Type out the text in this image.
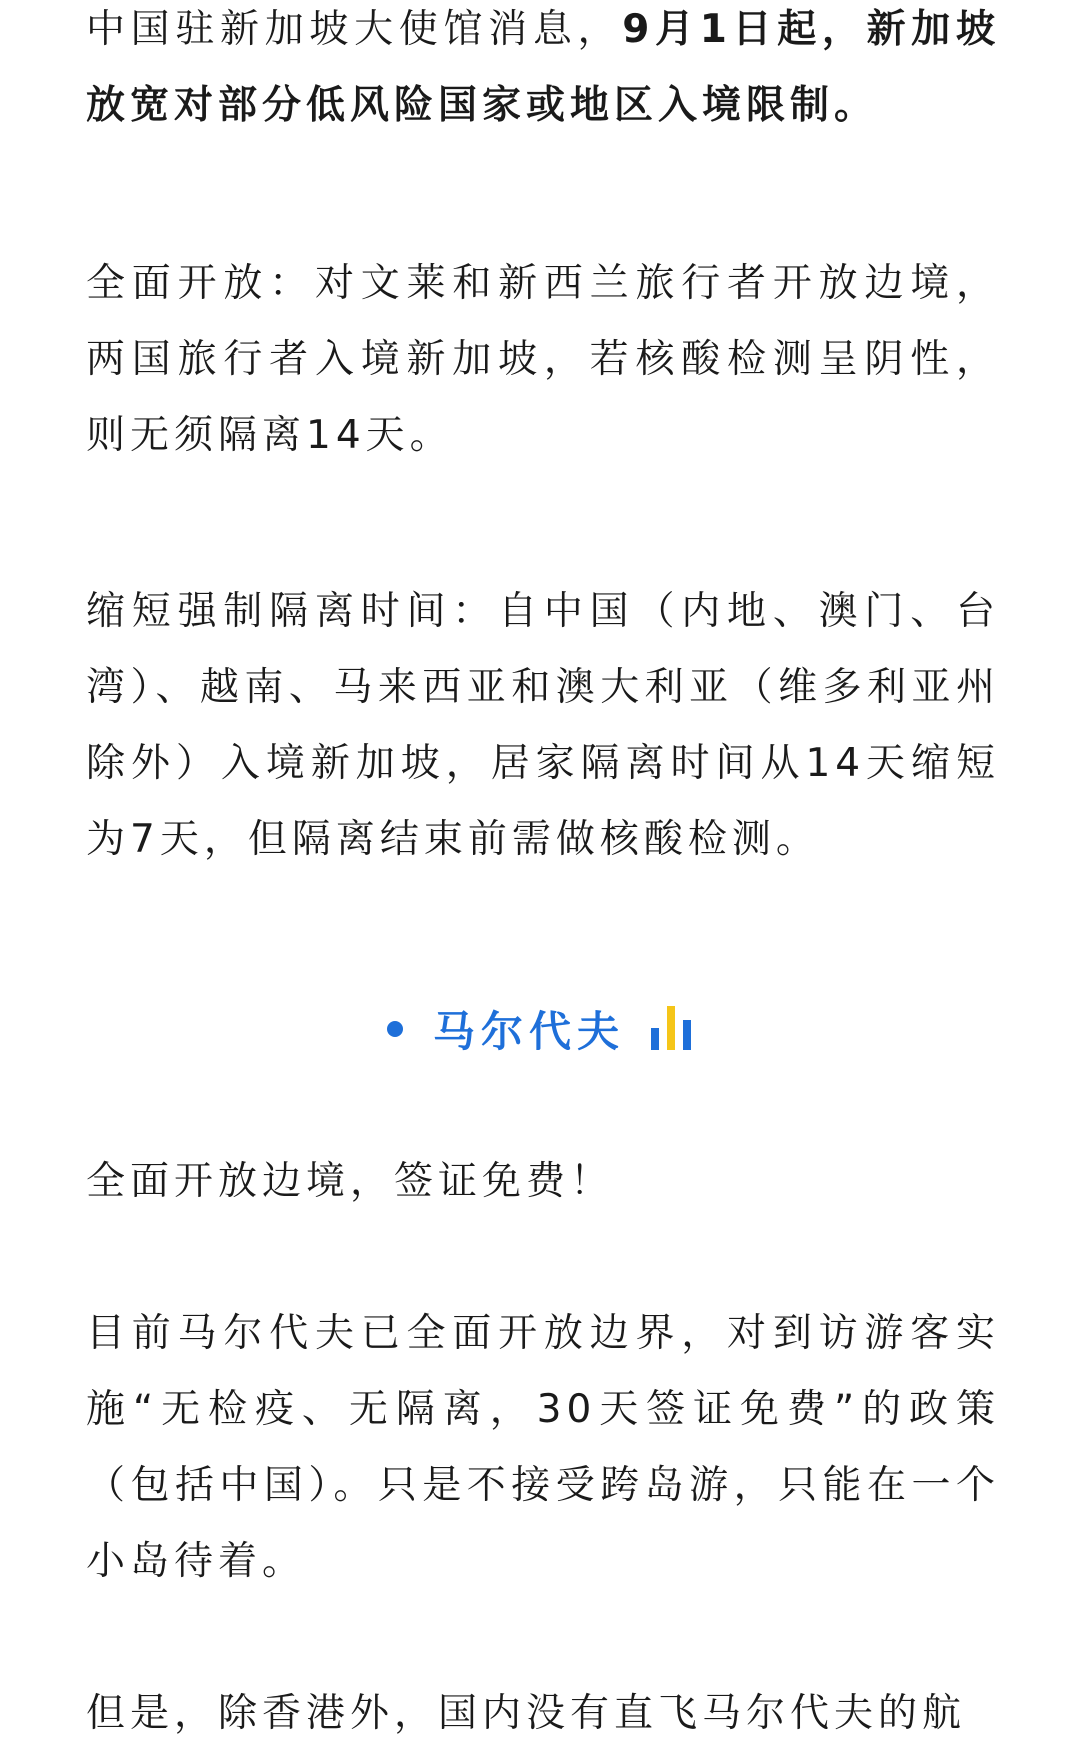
中国驻新加坡大使馆消息，9月1日起，新加坡放宽对部分低风险国家或地区入境限制。

全面开放：对文莱和新西兰旅行者开放边境，两国旅行者入境新加坡，若核酸检测呈阴性，则无须隔离14天。

缩短强制隔离时间：自中国（内地、澳门、台湾）、越南、马来西亚和澳大利亚（维多利亚州除外）入境新加坡，居家隔离时间从14天缩短为7天，但隔离结束前需做核酸检测。

全面开放边境，签证免费！

目前马尔代夫已全面开放边界，对到访游客实施“无检疫、无隔离，30天签证免费”的政策（包括中国）。只是不接受跨岛游，只能在一个小岛待着。

但是，除香港外，国内没有直飞马尔代夫的航

马尔代夫
